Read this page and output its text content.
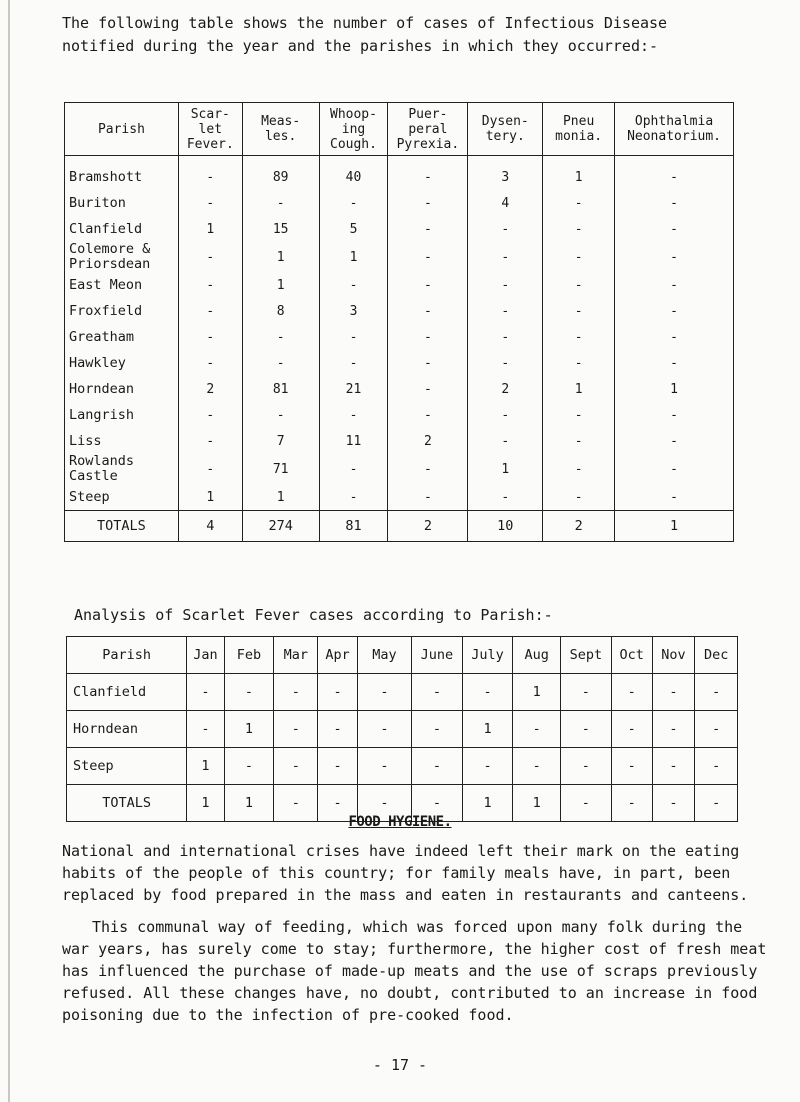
The following table shows the number of cases of Infectious Disease

notified during the year and the parishes in which they occurred:-

Parish	Scar- let Fever.	Meas- les.	Whoop- ing Cough.	Puer- peral Pyrexia.	Dysen- tery.	Pneu monia.	Ophthalmia Neonatorium.
Bramshott	-	89	40	-	3	1	-
Buriton	-	-	-	-	4	-	-
Clanfield	1	15	5	-	-	-	-
Colemore & Priorsdean	-	1	1	-	-	-	-
East Meon	-	1	-	-	-	-	-
Froxfield	-	8	3	-	-	-	-
Greatham	-	-	-	-	-	-	-
Hawkley	-	-	-	-	-	-	-
Horndean	2	81	21	-	2	1	1
Langrish	-	-	-	-	-	-	-
Liss	-	7	11	2	-	-	-
Rowlands Castle	-	71	-	-	1	-	-
Steep	1	1	-	-	-	-	-
TOTALS	4	274	81	2	10	2	1
Analysis of Scarlet Fever cases according to Parish:-
Parish	Jan	Feb	Mar	Apr	May	June	July	Aug	Sept	Oct	Nov	Dec
Clanfield	-	-	-	-	-	-	-	1	-	-	-	-
Horndean	-	1	-	-	-	-	1	-	-	-	-	-
Steep	1	-	-	-	-	-	-	-	-	-	-	-
TOTALS	1	1	-	-	-	-	1	1	-	-	-	-
FOOD HYGIENE.

National and international crises have indeed left their mark on the eating habits of the people of this country; for family meals have, in part, been replaced by food prepared in the mass and eaten in restaurants and canteens.

This communal way of feeding, which was forced upon many folk during the war years, has surely come to stay; furthermore, the higher cost of fresh meat has influenced the purchase of made-up meats and the use of scraps previously refused. All these changes have, no doubt, contributed to an increase in food poisoning due to the infection of pre-cooked food.

- 17 -
